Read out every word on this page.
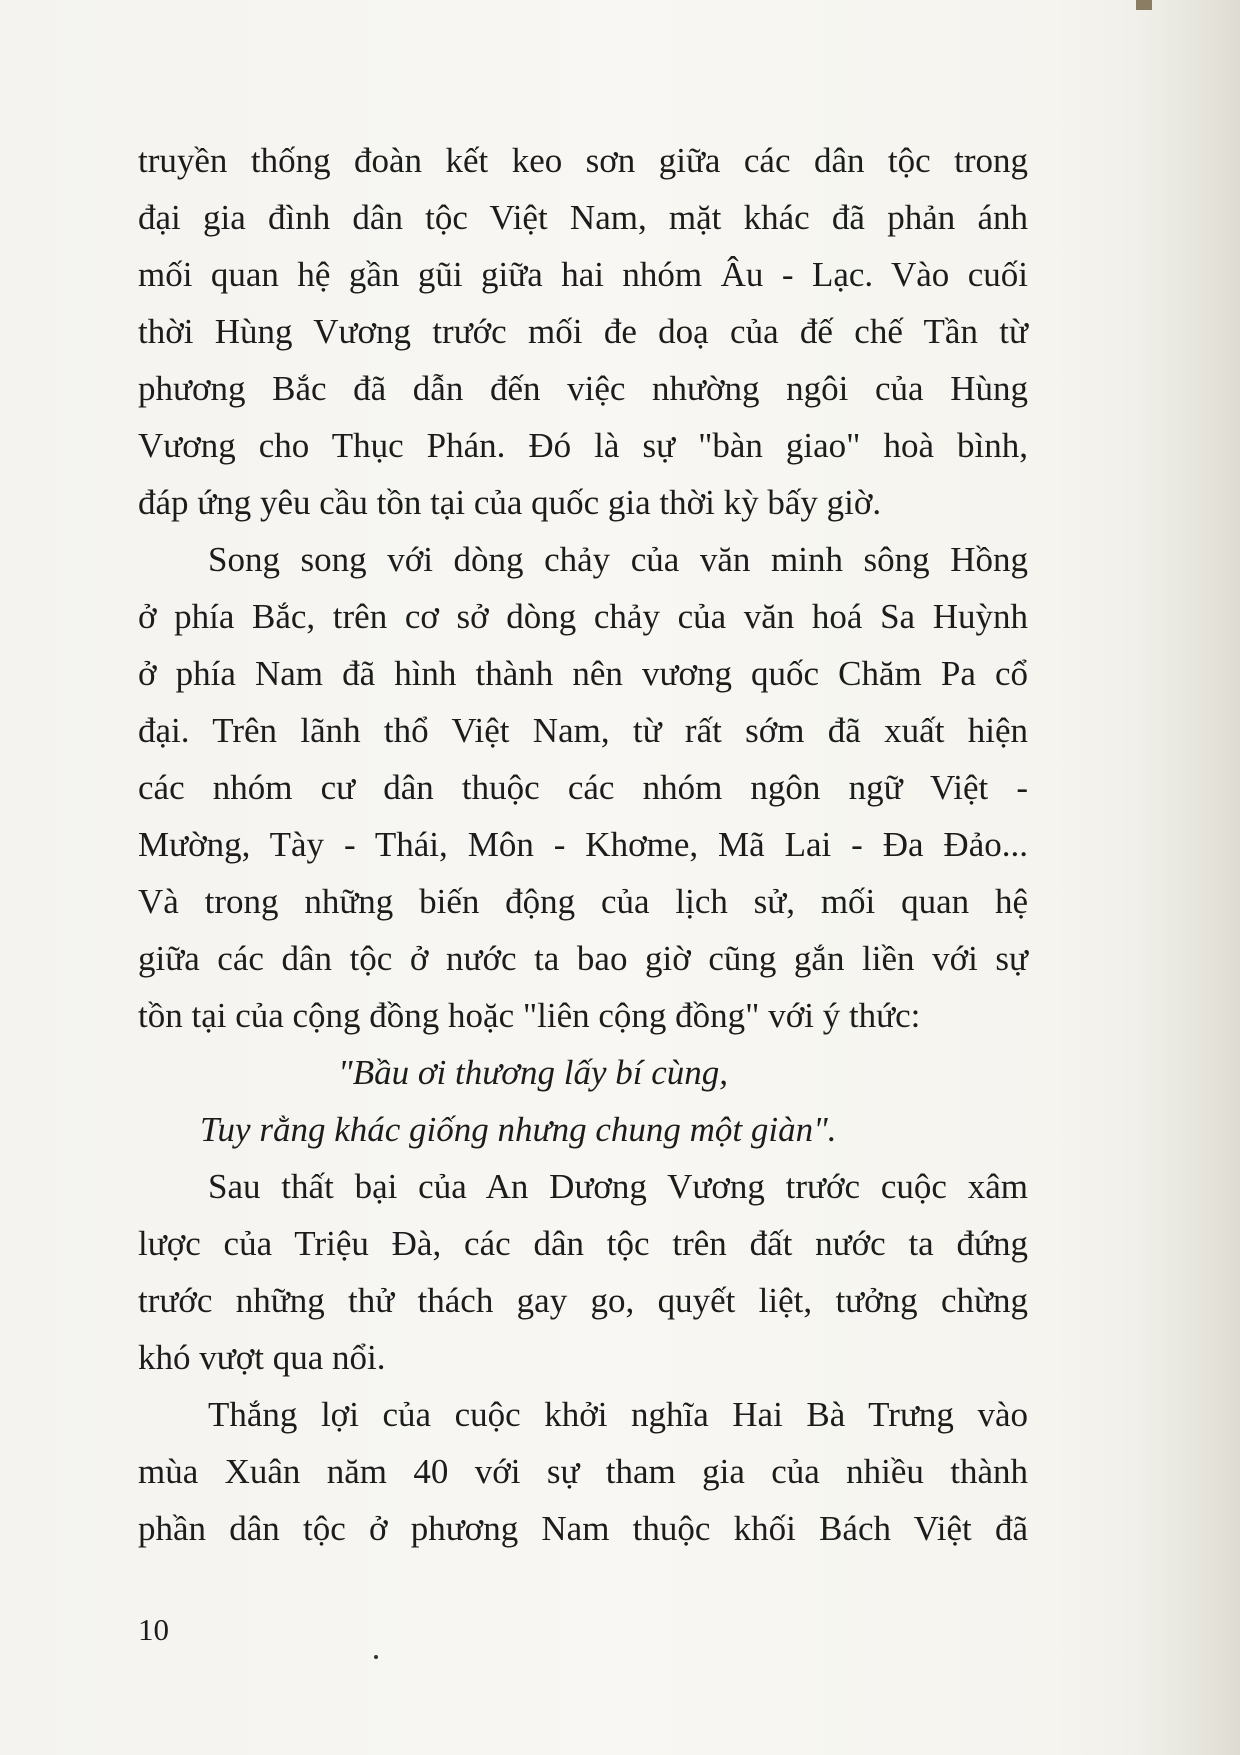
truyền thống đoàn kết keo sơn giữa các dân tộc trong
đại gia đình dân tộc Việt Nam, mặt khác đã phản ánh
mối quan hệ gần gũi giữa hai nhóm Âu - Lạc. Vào cuối
thời Hùng Vương trước mối đe doạ của đế chế Tần từ
phương Bắc đã dẫn đến việc nhường ngôi của Hùng
Vương cho Thục Phán. Đó là sự "bàn giao" hoà bình,
đáp ứng yêu cầu tồn tại của quốc gia thời kỳ bấy giờ.
Song song với dòng chảy của văn minh sông Hồng
ở phía Bắc, trên cơ sở dòng chảy của văn hoá Sa Huỳnh
ở phía Nam đã hình thành nên vương quốc Chăm Pa cổ
đại. Trên lãnh thổ Việt Nam, từ rất sớm đã xuất hiện
các nhóm cư dân thuộc các nhóm ngôn ngữ Việt -
Mường, Tày - Thái, Môn - Khơme, Mã Lai - Đa Đảo...
Và trong những biến động của lịch sử, mối quan hệ
giữa các dân tộc ở nước ta bao giờ cũng gắn liền với sự
tồn tại của cộng đồng hoặc "liên cộng đồng" với ý thức:
"Bầu ơi thương lấy bí cùng,
Tuy rằng khác giống nhưng chung một giàn".
Sau thất bại của An Dương Vương trước cuộc xâm
lược của Triệu Đà, các dân tộc trên đất nước ta đứng
trước những thử thách gay go, quyết liệt, tưởng chừng
khó vượt qua nổi.
Thắng lợi của cuộc khởi nghĩa Hai Bà Trưng vào
mùa Xuân năm 40 với sự tham gia của nhiều thành
phần dân tộc ở phương Nam thuộc khối Bách Việt đã
10
